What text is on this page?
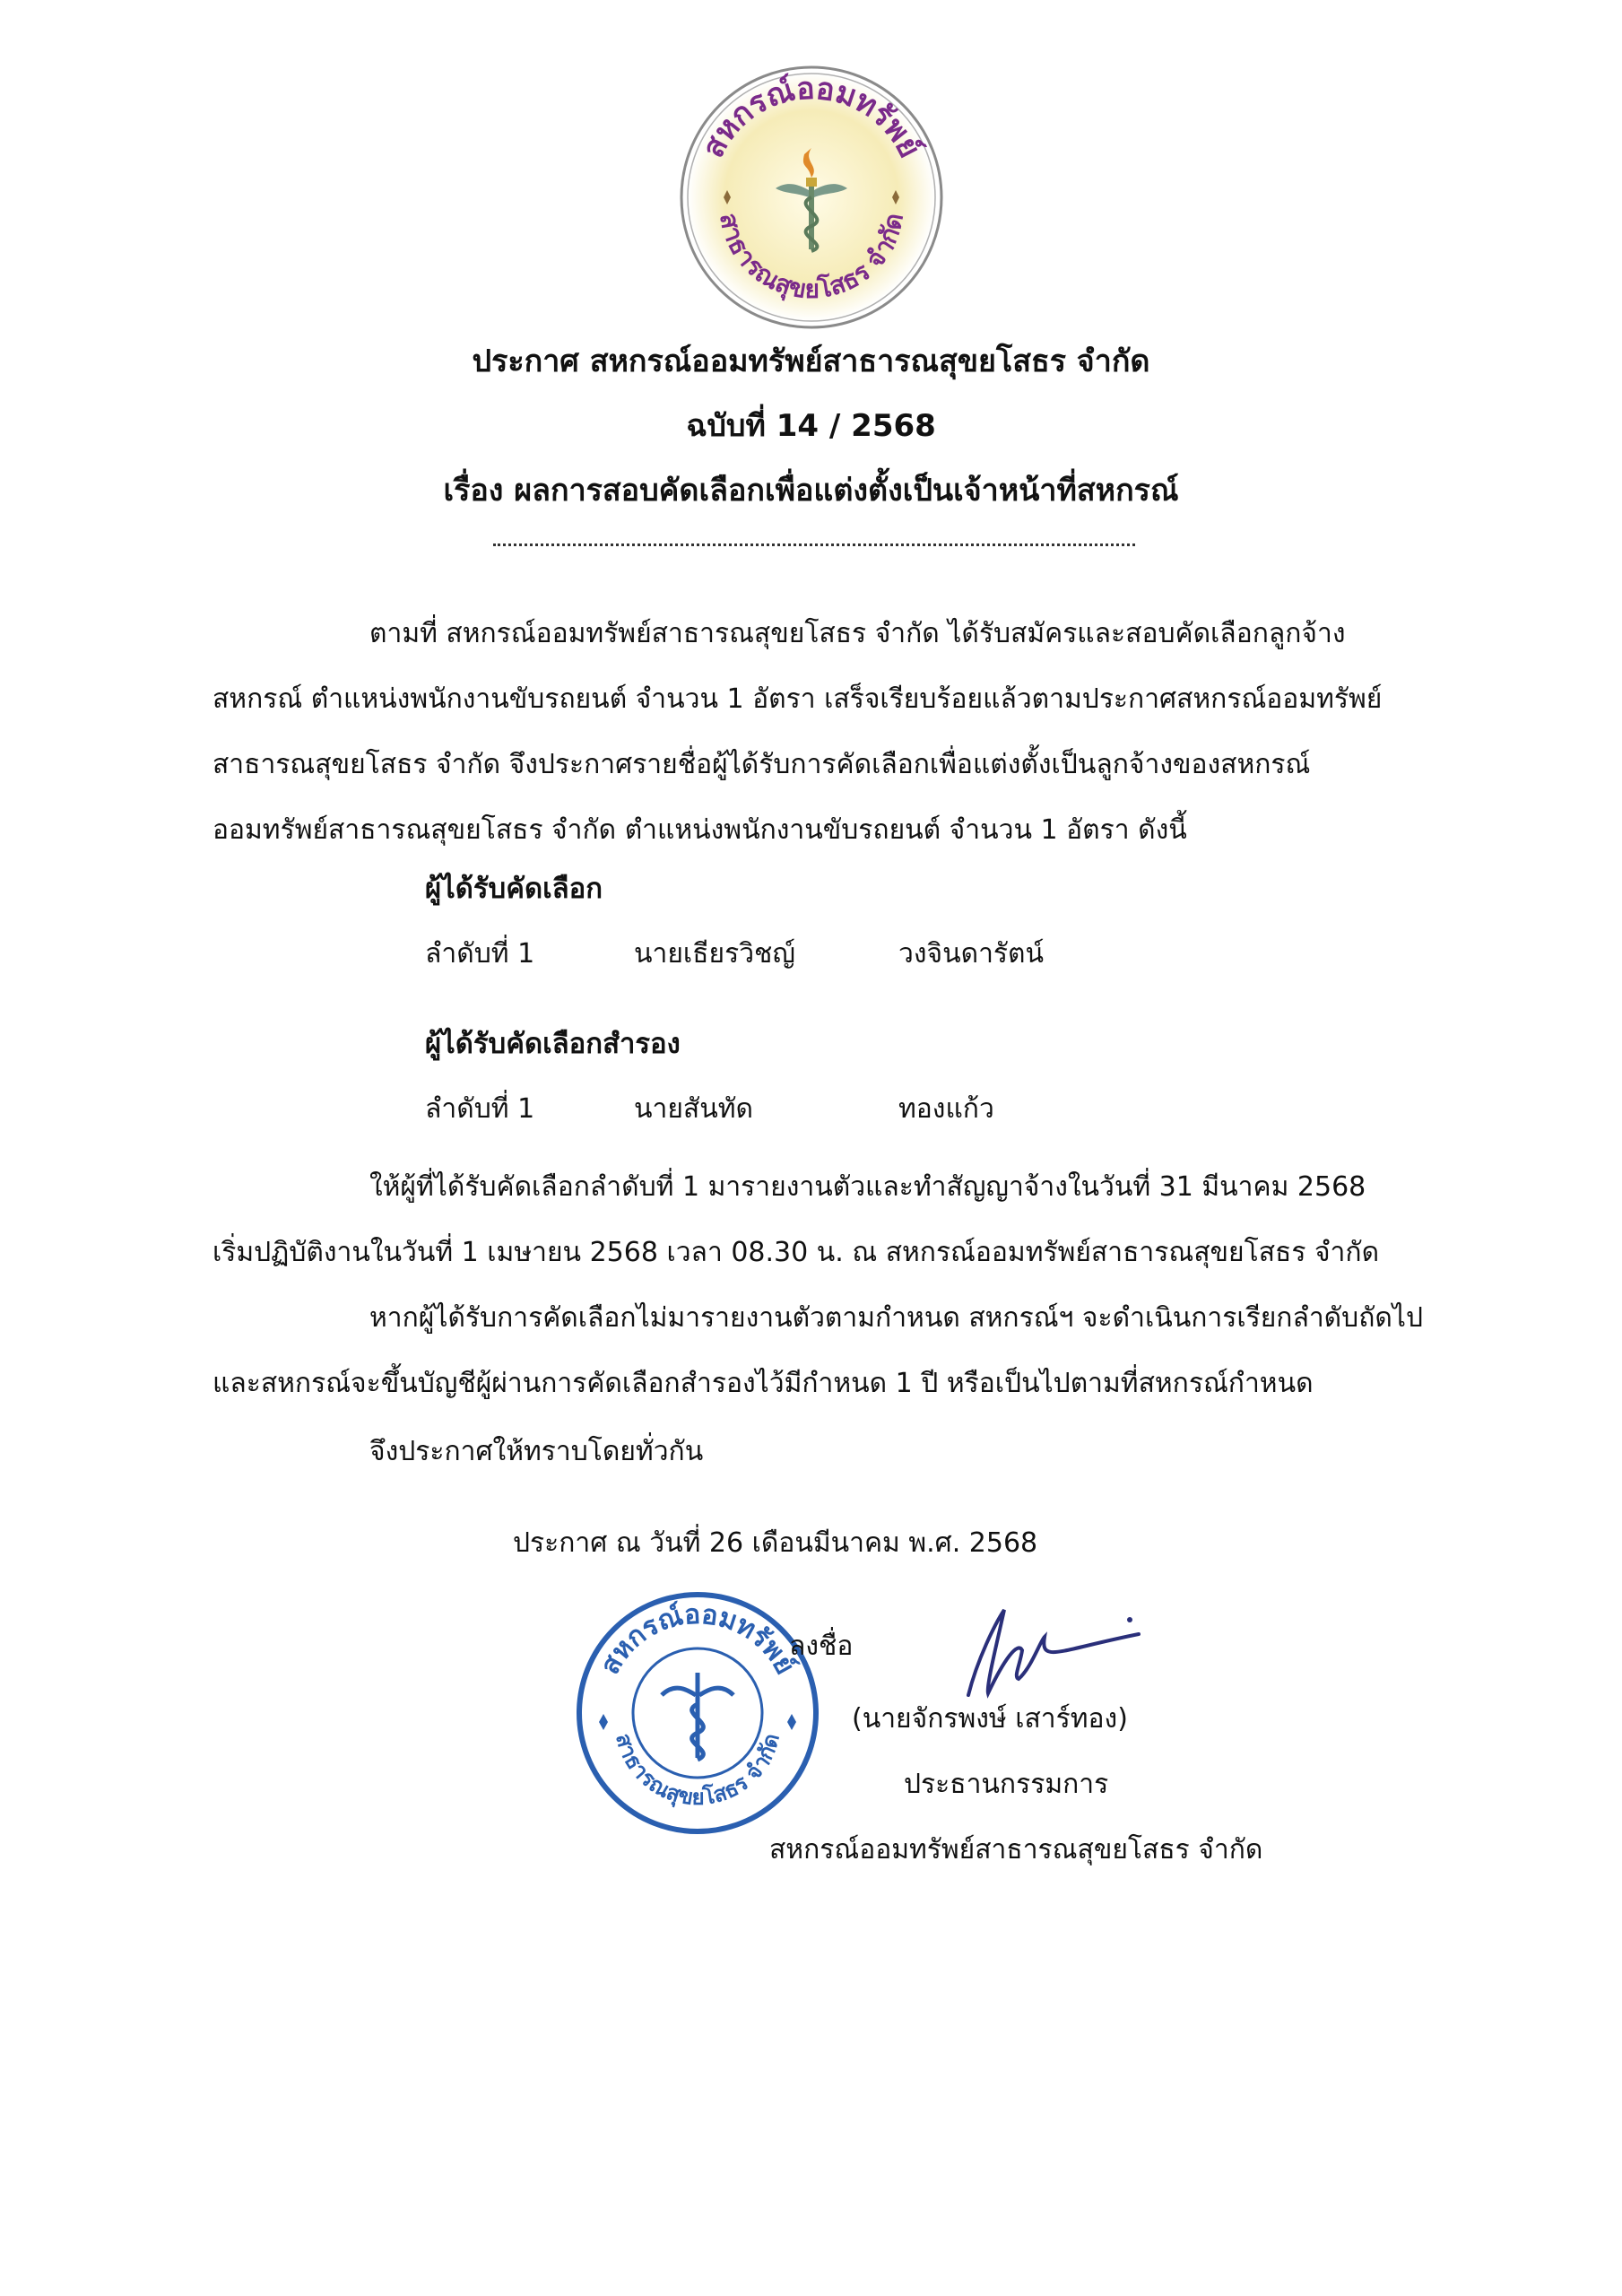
สหกรณ์ออมทรัพย์
สาธารณสุขยโสธร จำกัด
ประกาศ สหกรณ์ออมทรัพย์สาธารณสุขยโสธร จำกัด
ฉบับที่ 14 / 2568
เรื่อง ผลการสอบคัดเลือกเพื่อแต่งตั้งเป็นเจ้าหน้าที่สหกรณ์
ตามที่ สหกรณ์ออมทรัพย์สาธารณสุขยโสธร จำกัด ได้รับสมัครและสอบคัดเลือกลูกจ้าง
สหกรณ์ ตำแหน่งพนักงานขับรถยนต์ จำนวน 1 อัตรา เสร็จเรียบร้อยแล้วตามประกาศสหกรณ์ออมทรัพย์
สาธารณสุขยโสธร จำกัด จึงประกาศรายชื่อผู้ได้รับการคัดเลือกเพื่อแต่งตั้งเป็นลูกจ้างของสหกรณ์
ออมทรัพย์สาธารณสุขยโสธร จำกัด ตำแหน่งพนักงานขับรถยนต์ จำนวน 1 อัตรา ดังนี้
ผู้ได้รับคัดเลือก
ลำดับที่ 1	นายเธียรวิชญ์	วงจินดารัตน์
ผู้ได้รับคัดเลือกสำรอง
ลำดับที่ 1	นายสันทัด	ทองแก้ว
ให้ผู้ที่ได้รับคัดเลือกลำดับที่ 1 มารายงานตัวและทำสัญญาจ้างในวันที่ 31 มีนาคม 2568
เริ่มปฏิบัติงานในวันที่ 1 เมษายน 2568 เวลา 08.30 น. ณ สหกรณ์ออมทรัพย์สาธารณสุขยโสธร จำกัด
หากผู้ได้รับการคัดเลือกไม่มารายงานตัวตามกำหนด สหกรณ์ฯ จะดำเนินการเรียกลำดับถัดไป
และสหกรณ์จะขึ้นบัญชีผู้ผ่านการคัดเลือกสำรองไว้มีกำหนด 1 ปี หรือเป็นไปตามที่สหกรณ์กำหนด
จึงประกาศให้ทราบโดยทั่วกัน
ประกาศ ณ วันที่ 26 เดือนมีนาคม พ.ศ. 2568
สหกรณ์ออมทรัพย์
สาธารณสุขยโสธร จำกัด
ลงชื่อ
(นายจักรพงษ์ เสาร์ทอง)
ประธานกรรมการ
สหกรณ์ออมทรัพย์สาธารณสุขยโสธร จำกัด
